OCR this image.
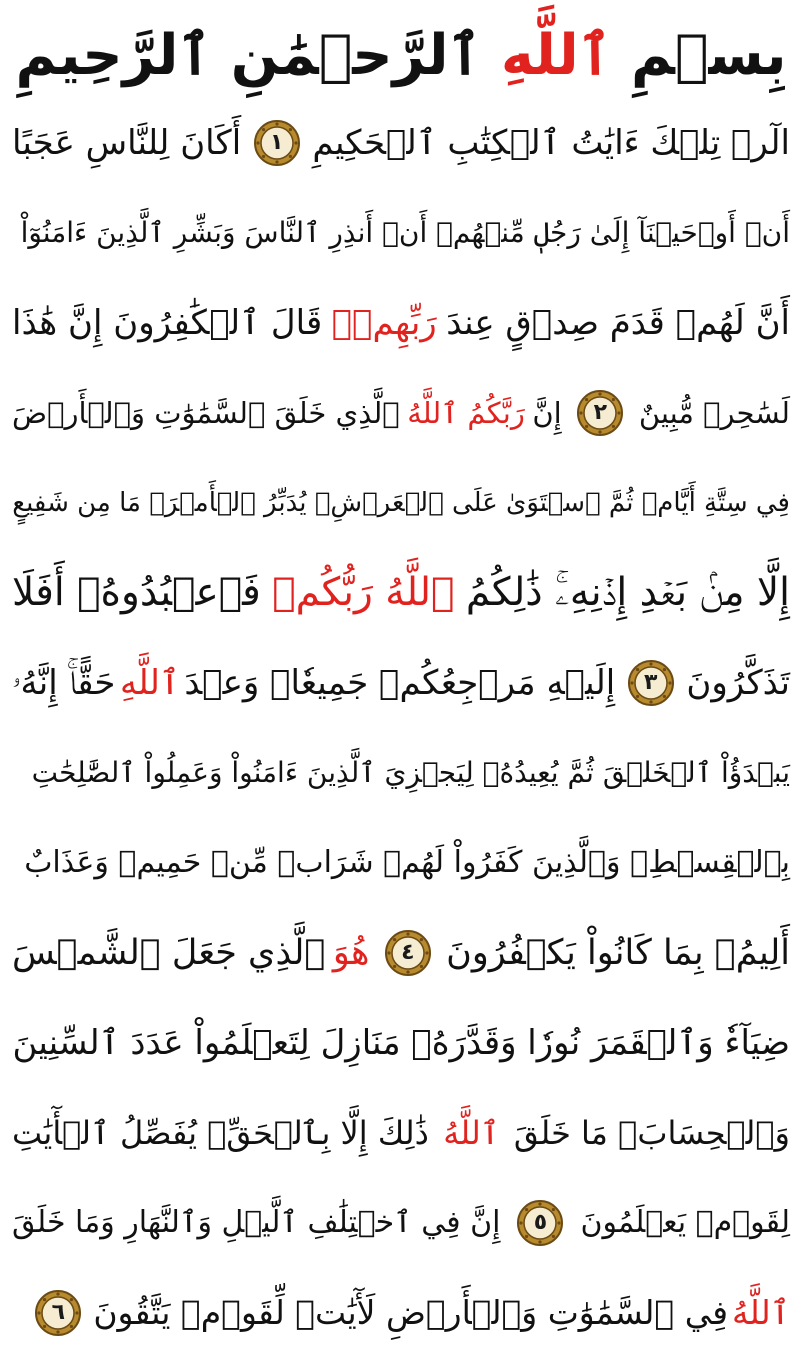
بِسۡمِ ٱللَّهِ ٱلرَّحۡمَٰنِ ٱلرَّحِيمِ
الٓرۚ تِلۡكَ ءَايَٰتُ ٱلۡكِتَٰبِ ٱلۡحَكِيمِ
١
أَكَانَ لِلنَّاسِ عَجَبًا
أَنۡ أَوۡحَيۡنَآ إِلَىٰ رَجُلٖ مِّنۡهُمۡ أَنۡ أَنذِرِ ٱلنَّاسَ وَبَشِّرِ ٱلَّذِينَ ءَامَنُوٓاْ
أَنَّ لَهُمۡ قَدَمَ صِدۡقٍ عِندَ
رَبِّهِمۡۗ
قَالَ ٱلۡكَٰفِرُونَ إِنَّ هَٰذَا
لَسَٰحِرٞ مُّبِينٌ
٢
إِنَّ
رَبَّكُمُ ٱللَّهُ
ٱلَّذِي خَلَقَ ٱلسَّمَٰوَٰتِ وَٱلۡأَرۡضَ
فِي سِتَّةِ أَيَّامٖ ثُمَّ ٱسۡتَوَىٰ عَلَى ٱلۡعَرۡشِۖ يُدَبِّرُ ٱلۡأَمۡرَۖ مَا مِن شَفِيعٍ
إِلَّا مِنۢ بَعۡدِ إِذۡنِهِۦۚ ذَٰلِكُمُ
ٱللَّهُ رَبُّكُمۡ
فَٱعۡبُدُوهُۚ أَفَلَا
تَذَكَّرُونَ
٣
إِلَيۡهِ مَرۡجِعُكُمۡ جَمِيعٗاۖ وَعۡدَ
ٱللَّهِ
حَقًّاۚ إِنَّهُۥ
يَبۡدَؤُاْ ٱلۡخَلۡقَ ثُمَّ يُعِيدُهُۥ لِيَجۡزِيَ ٱلَّذِينَ ءَامَنُواْ وَعَمِلُواْ ٱلصَّٰلِحَٰتِ
بِٱلۡقِسۡطِۚ وَٱلَّذِينَ كَفَرُواْ لَهُمۡ شَرَابٞ مِّنۡ حَمِيمٖ وَعَذَابٌ
أَلِيمُۢ بِمَا كَانُواْ يَكۡفُرُونَ
٤
هُوَ
ٱلَّذِي جَعَلَ ٱلشَّمۡسَ
ضِيَآءٗ وَٱلۡقَمَرَ نُورٗا وَقَدَّرَهُۥ مَنَازِلَ لِتَعۡلَمُواْ عَدَدَ ٱلسِّنِينَ
وَٱلۡحِسَابَۚ مَا خَلَقَ
ٱللَّهُ
ذَٰلِكَ إِلَّا بِٱلۡحَقِّۚ يُفَصِّلُ ٱلۡأٓيَٰتِ
لِقَوۡمٖ يَعۡلَمُونَ
٥
إِنَّ فِي ٱخۡتِلَٰفِ ٱلَّيۡلِ وَٱلنَّهَارِ وَمَا خَلَقَ
ٱللَّهُ
فِي ٱلسَّمَٰوَٰتِ وَٱلۡأَرۡضِ لَأٓيَٰتٖ لِّقَوۡمٖ يَتَّقُونَ
٦
